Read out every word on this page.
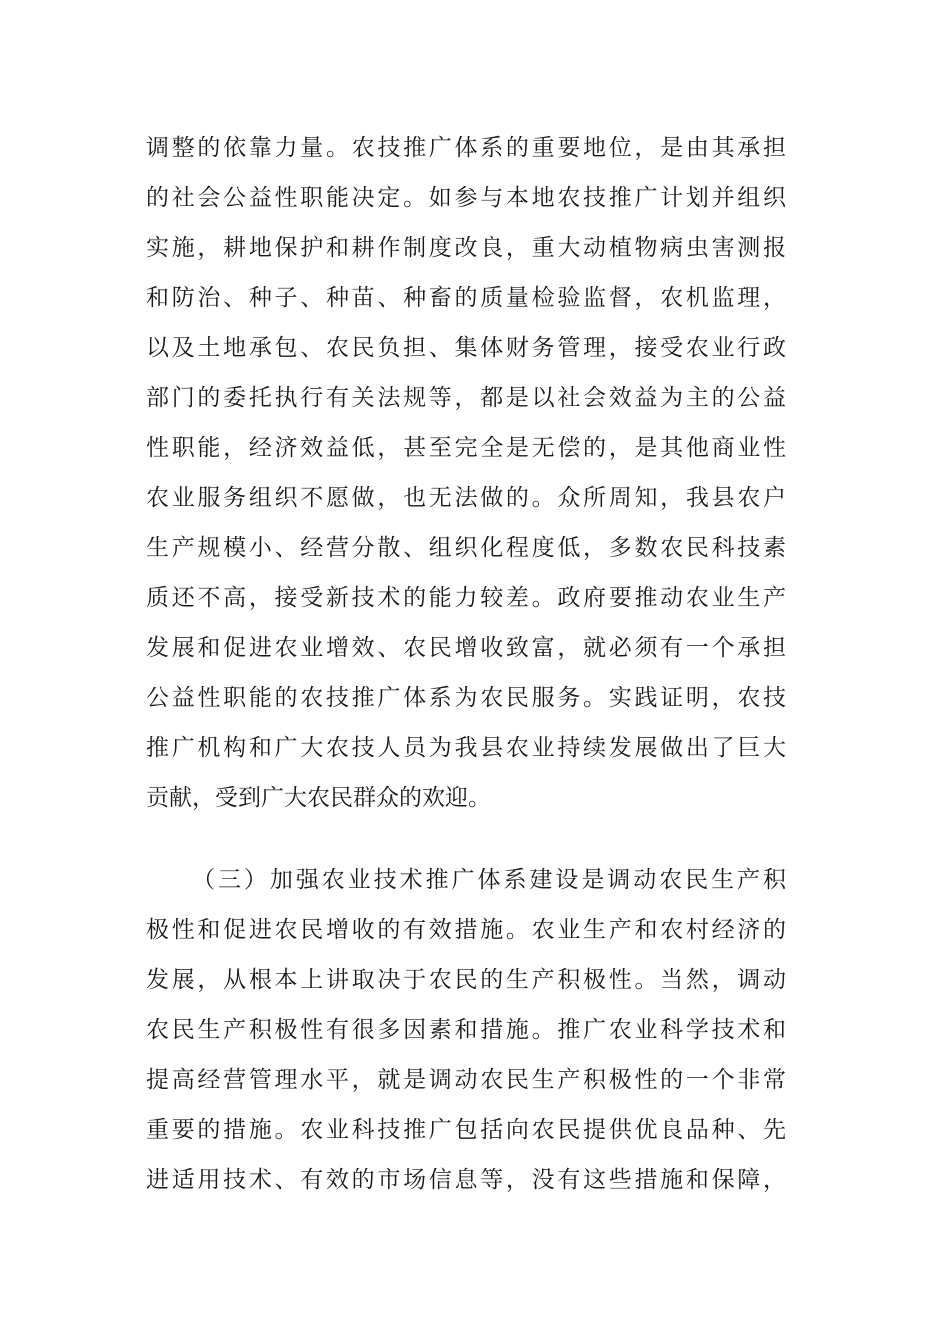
调整的依靠力量。农技推广体系的重要地位，是由其承担
的社会公益性职能决定。如参与本地农技推广计划并组织
实施，耕地保护和耕作制度改良，重大动植物病虫害测报
和防治、种子、种苗、种畜的质量检验监督，农机监理，
以及土地承包、农民负担、集体财务管理，接受农业行政
部门的委托执行有关法规等，都是以社会效益为主的公益
性职能，经济效益低，甚至完全是无偿的，是其他商业性
农业服务组织不愿做，也无法做的。众所周知，我县农户
生产规模小、经营分散、组织化程度低，多数农民科技素
质还不高，接受新技术的能力较差。政府要推动农业生产
发展和促进农业增效、农民增收致富，就必须有一个承担
公益性职能的农技推广体系为农民服务。实践证明，农技
推广机构和广大农技人员为我县农业持续发展做出了巨大
贡献，受到广大农民群众的欢迎。
（三）加强农业技术推广体系建设是调动农民生产积
极性和促进农民增收的有效措施。农业生产和农村经济的
发展，从根本上讲取决于农民的生产积极性。当然，调动
农民生产积极性有很多因素和措施。推广农业科学技术和
提高经营管理水平，就是调动农民生产积极性的一个非常
重要的措施。农业科技推广包括向农民提供优良品种、先
进适用技术、有效的市场信息等，没有这些措施和保障，
